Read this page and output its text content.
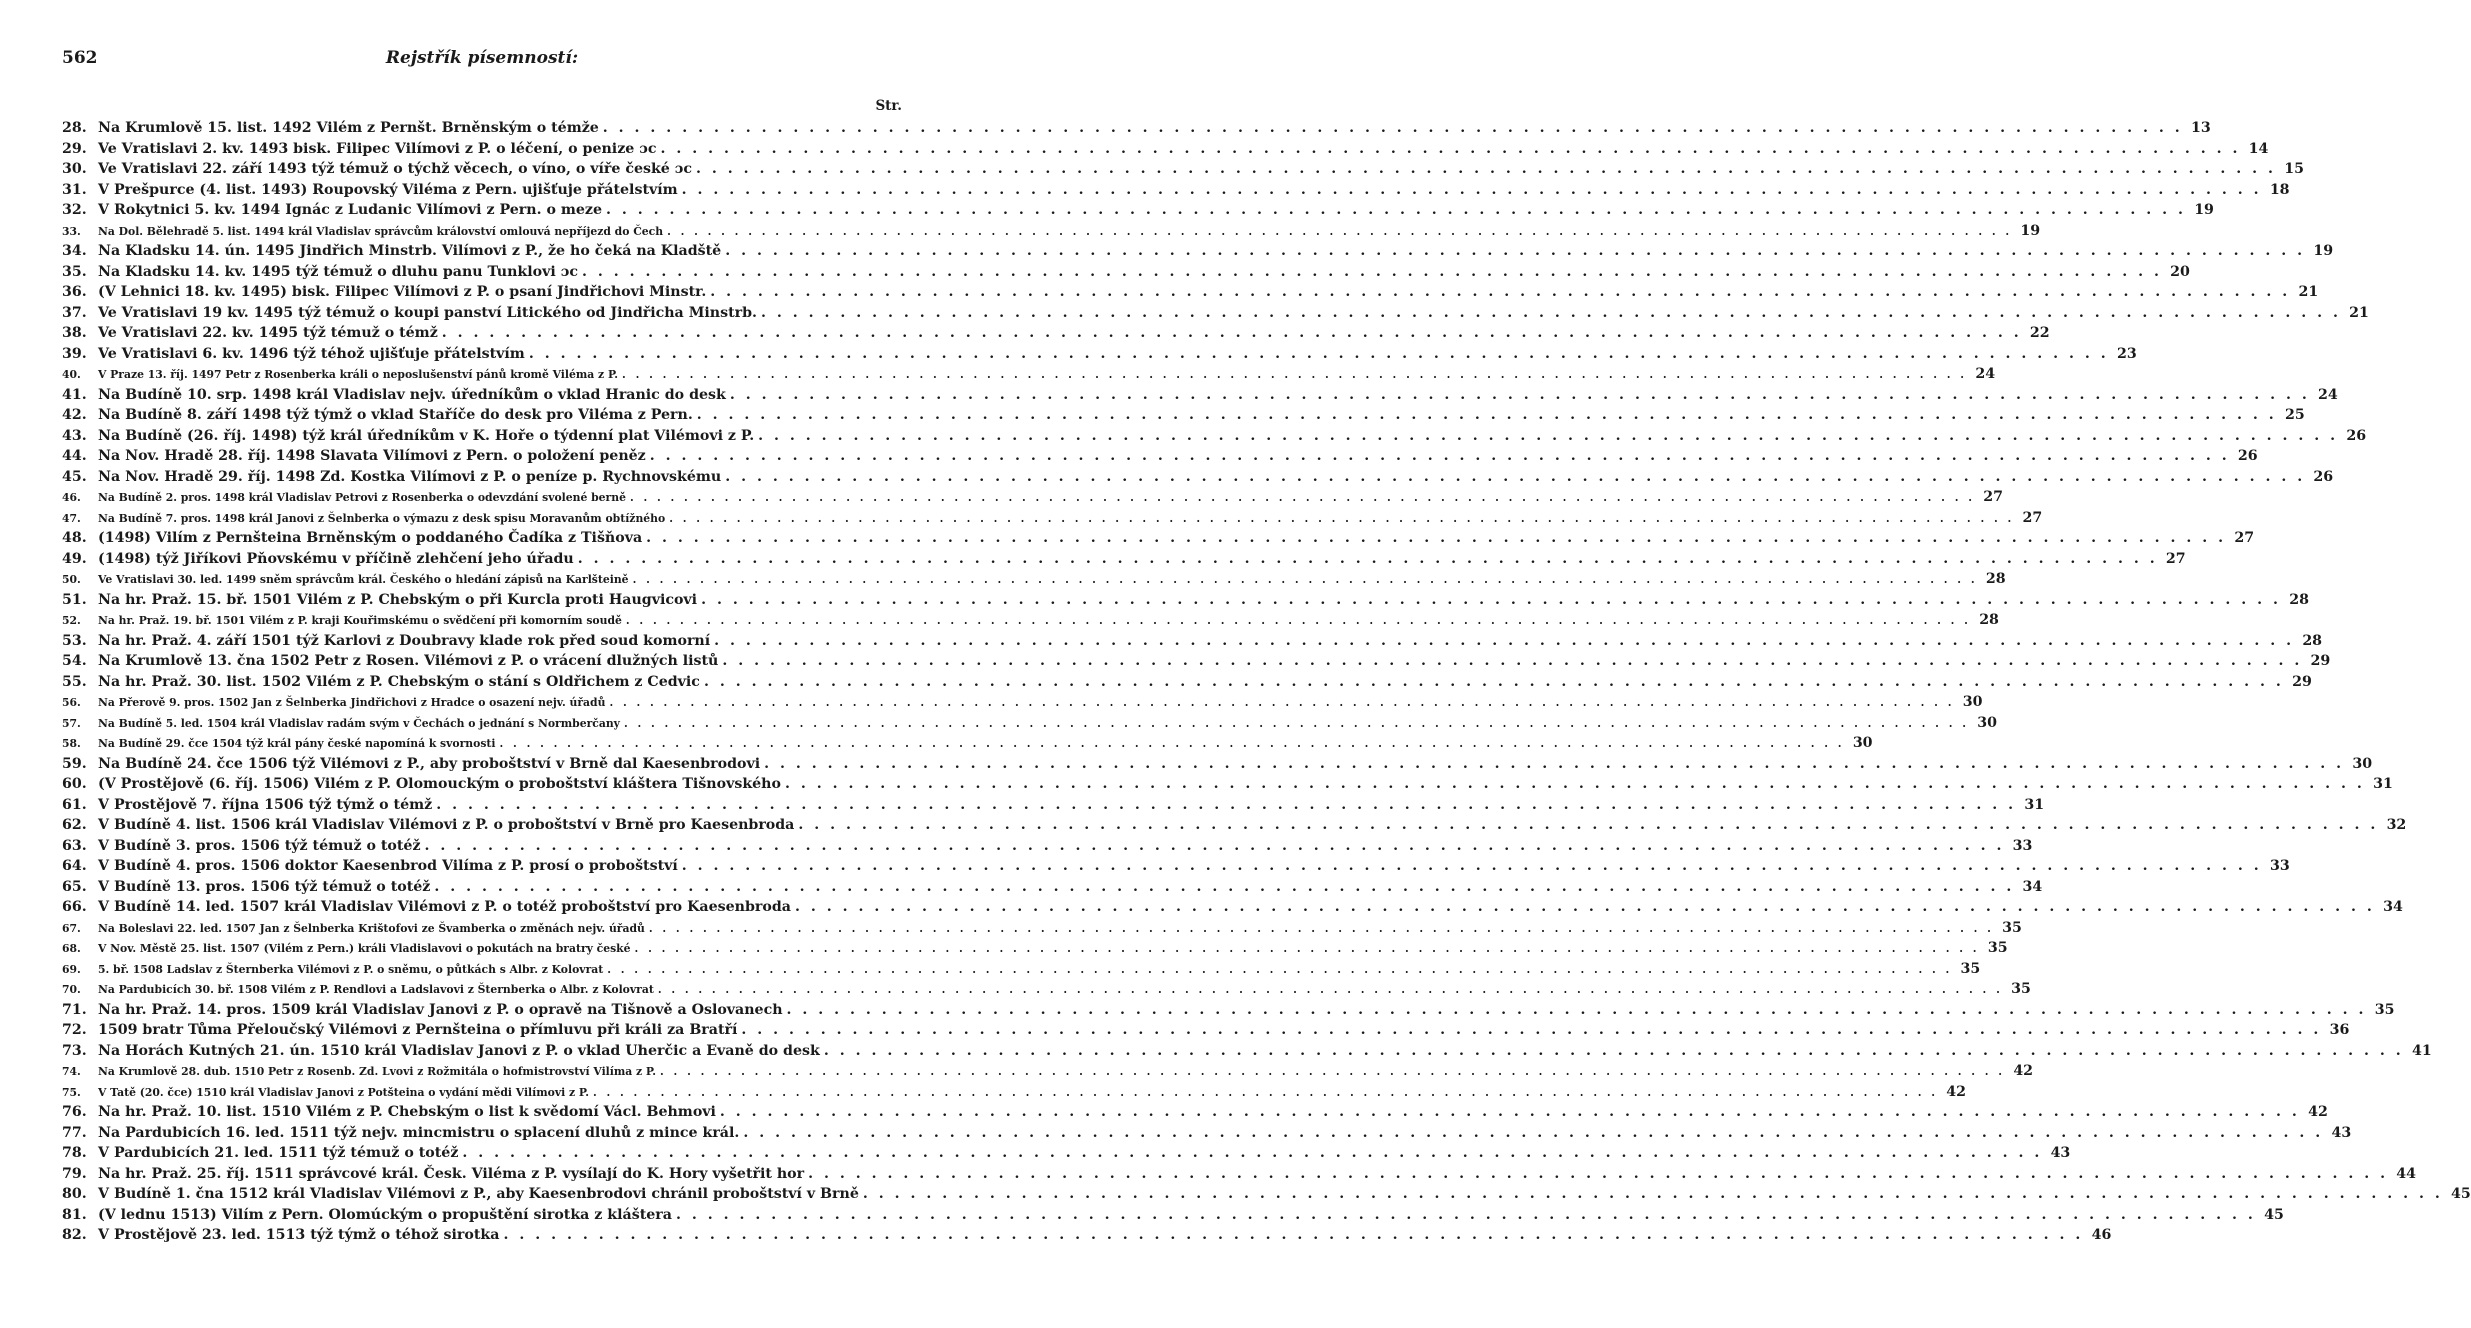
562	Rejstřík písemností:
Str.
28. Na Krumlově 15. list. 1492 Vilém z Pernšt. Brněnským o témže . . .	13
29. Ve Vratislavi 2. kv. 1493 bisk. Filipec Vilímovi z P. o léčení, o penize ɔc . . .	14
30. Ve Vratislavi 22. září 1493 týž témuž o týchž věcech, o víno, o víře české ɔc . . .	15
31. V Prešpurce (4. list. 1493) Roupovský Viléma z Pern. ujišťuje přátelstvím . . .	18
32. V Rokytnici 5. kv. 1494 Ignác z Ludanic Vilímovi z Pern. o meze . . .	19
33.	Na Dol. Bělehradě 5. list. 1494 král Vladislav správcům království omlouvá nepříjezd do Čech . . .	19
34. Na Kladsku 14. ún. 1495 Jindřich Minstrb. Vilímovi z P., že ho čeká na Kladště . . .	19
35. Na Kladsku 14. kv. 1495 týž témuž o dluhu panu Tunklovi ɔc . . .	20
36. (V Lehnici 18. kv. 1495) bisk. Filipec Vilímovi z P. o psaní Jindřichovi Minstr. . . .	21
37. Ve Vratislavi 19 kv. 1495 týž témuž o koupi panství Litického od Jindřicha Minstrb. . . .	21
38. Ve Vratislavi 22. kv. 1495 týž témuž o témž . . .	22
39. Ve Vratislavi 6. kv. 1496 týž téhož ujišťuje přátelstvím . . .	23
40.	V Praze 13. říj. 1497 Petr z Rosenberka králi o neposlušenství pánů kromě Viléma z P. . . .	24
41. Na Budíně 10. srp. 1498 král Vladislav nejv. úředníkům o vklad Hranic do desk . . .	24
42. Na Budíně 8. září 1498 týž týmž o vklad Staříče do desk pro Viléma z Pern. . . .	25
43. Na Budíně (26. říj. 1498) týž král úředníkům v K. Hoře o týdenní plat Vilémovi z P. . . .	26
44. Na Nov. Hradě 28. říj. 1498 Slavata Vilímovi z Pern. o položení peněz . . .	26
45. Na Nov. Hradě 29. říj. 1498 Zd. Kostka Vilímovi z P. o peníze p. Rychnovskému . . .	26
46.	Na Budíně 2. pros. 1498 král Vladislav Petrovi z Rosenberka o odevzdání svolené berně . . .	27
47.	Na Budíně 7. pros. 1498 král Janovi z Šelnberka o výmazu z desk spisu Moravanům obtížného . . .	27
48. (1498) Vilím z Pernšteina Brněnským o poddaného Čadíka z Tišňova . . .	27
49. (1498) týž Jiříkovi Pňovskému v příčině zlehčení jeho úřadu . . .	27
50.	Ve Vratislavi 30. led. 1499 sněm správcům král. Českého o hledání zápisů na Karlšteině . . .	28
51. Na hr. Praž. 15. bř. 1501 Vilém z P. Chebským o při Kurcla proti Haugvicovi . . .	28
52.	Na hr. Praž. 19. bř. 1501 Vilém z P. kraji Kouřimskému o svědčení při komorním soudě . . .	28
53. Na hr. Praž. 4. září 1501 týž Karlovi z Doubravy klade rok před soud komorní . . .	28
54. Na Krumlově 13. čna 1502 Petr z Rosen. Vilémovi z P. o vrácení dlužných listů . . .	29
55. Na hr. Praž. 30. list. 1502 Vilém z P. Chebským o stání s Oldřichem z Cedvic . . .	29
56.	Na Přerově 9. pros. 1502 Jan z Šelnberka Jindřichovi z Hradce o osazení nejv. úřadů . . .	30
57.	Na Budíně 5. led. 1504 král Vladislav radám svým v Čechách o jednání s Normberčany . . .	30
58.	Na Budíně 29. čce 1504 týž král pány české napomíná k svornosti . . .	30
59. Na Budíně 24. čce 1506 týž Vilémovi z P., aby proboštství v Brně dal Kaesenbrodovi . . .	30
60. (V Prostějově (6. říj. 1506) Vilém z P. Olomouckým o proboštství kláštera Tišnovského . . .	31
61. V Prostějově 7. října 1506 týž týmž o témž . . .	31
62. V Budíně 4. list. 1506 král Vladislav Vilémovi z P. o proboštství v Brně pro Kaesenbroda . . .	32
63. V Budíně 3. pros. 1506 týž témuž o totéž . . .	33
64. V Budíně 4. pros. 1506 doktor Kaesenbrod Vilíma z P. prosí o proboštství . . .	33
65. V Budíně 13. pros. 1506 týž témuž o totéž . . .	34
66. V Budíně 14. led. 1507 král Vladislav Vilémovi z P. o totéž proboštství pro Kaesenbroda . . .	34
67.	Na Boleslavi 22. led. 1507 Jan z Šelnberka Krištofovi ze Švamberka o změnách nejv. úřadů . . .	35
68.	V Nov. Městě 25. list. 1507 (Vilém z Pern.) králi Vladislavovi o pokutách na bratry české . . .	35
69.	5. bř. 1508 Ladslav z Šternberka Vilémovi z P. o sněmu, o půtkách s Albr. z Kolovrat . . .	35
70.	Na Pardubicích 30. bř. 1508 Vilém z P. Rendlovi a Ladslavovi z Šternberka o Albr. z Kolovrat . . .	35
71. Na hr. Praž. 14. pros. 1509 král Vladislav Janovi z P. o opravě na Tišnově a Oslovanech . . .	35
72. 1509 bratr Tůma Přeloučský Vilémovi z Pernšteina o přímluvu při králi za Bratří . . .	36
73. Na Horách Kutných 21. ún. 1510 král Vladislav Janovi z P. o vklad Uherčic a Evaně do desk . . .	41
74.	Na Krumlově 28. dub. 1510 Petr z Rosenb. Zd. Lvovi z Rožmitála o hofmistrovství Vilíma z P. . . .	42
75.	V Tatě (20. čce) 1510 král Vladislav Janovi z Potšteina o vydání mědi Vilímovi z P. . . .	42
76. Na hr. Praž. 10. list. 1510 Vilém z P. Chebským o list k svědomí Václ. Behmovi . . .	42
77. Na Pardubicích 16. led. 1511 týž nejv. mincmistru o splacení dluhů z mince král. . . .	43
78. V Pardubicích 21. led. 1511 týž témuž o totéž . . .	43
79. Na hr. Praž. 25. říj. 1511 správcové král. Česk. Viléma z P. vysílají do K. Hory vyšetřit hor . . .	44
80. V Budíně 1. čna 1512 král Vladislav Vilémovi z P., aby Kaesenbrodovi chránil proboštství v Brně . . .	45
81. (V lednu 1513) Vilím z Pern. Olomúckým o propuštění sirotka z kláštera . . .	45
82. V Prostějově 23. led. 1513 týž týmž o téhož sirotka . . .	46
